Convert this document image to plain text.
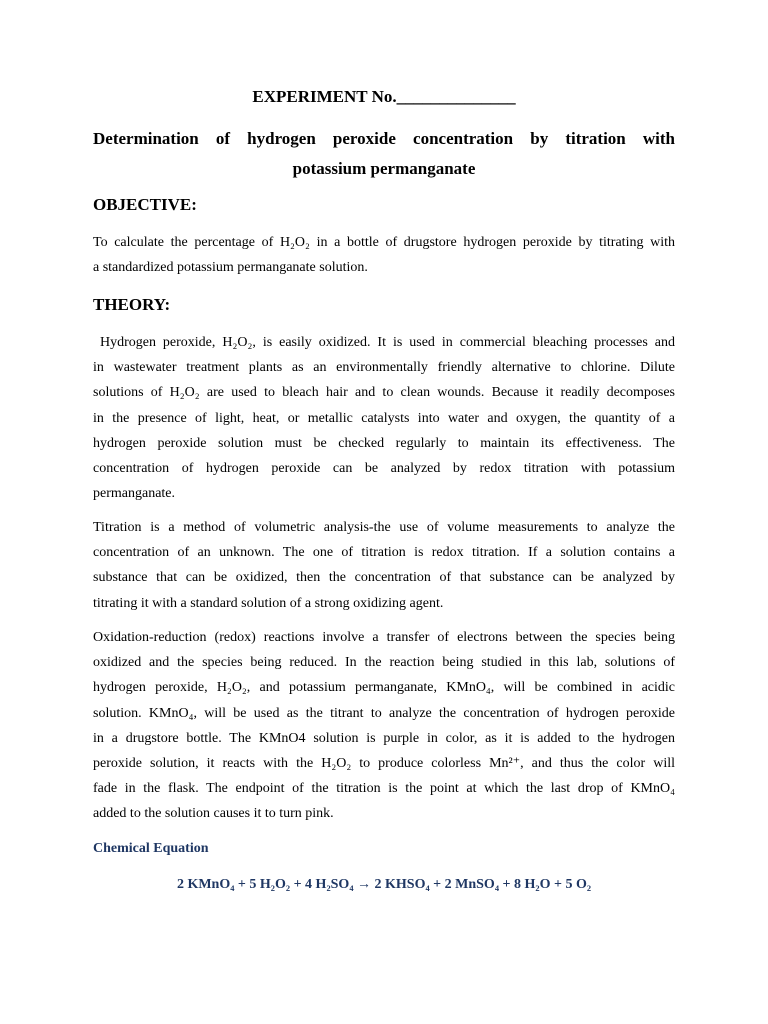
EXPERIMENT No.______________
Determination of hydrogen peroxide concentration by titration with
potassium permanganate
OBJECTIVE:
To calculate the percentage of H₂O₂ in a bottle of drugstore hydrogen peroxide by titrating with
a standardized potassium permanganate solution.
THEORY:
Hydrogen peroxide, H₂O₂, is easily oxidized. It is used in commercial bleaching processes and
in wastewater treatment plants as an environmentally friendly alternative to chlorine. Dilute
solutions of H₂O₂ are used to bleach hair and to clean wounds. Because it readily decomposes
in the presence of light, heat, or metallic catalysts into water and oxygen, the quantity of a
hydrogen peroxide solution must be checked regularly to maintain its effectiveness. The
concentration of hydrogen peroxide can be analyzed by redox titration with potassium
permanganate.
Titration is a method of volumetric analysis-the use of volume measurements to analyze the
concentration of an unknown. The one of titration is redox titration. If a solution contains a
substance that can be oxidized, then the concentration of that substance can be analyzed by
titrating it with a standard solution of a strong oxidizing agent.
Oxidation-reduction (redox) reactions involve a transfer of electrons between the species being
oxidized and the species being reduced. In the reaction being studied in this lab, solutions of
hydrogen peroxide, H₂O₂, and potassium permanganate, KMnO₄, will be combined in acidic
solution. KMnO₄, will be used as the titrant to analyze the concentration of hydrogen peroxide
in a drugstore bottle. The KMnO4 solution is purple in color, as it is added to the hydrogen
peroxide solution, it reacts with the H₂O₂ to produce colorless Mn²⁺, and thus the color will
fade in the flask. The endpoint of the titration is the point at which the last drop of KMnO₄
added to the solution causes it to turn pink.
Chemical Equation
2 KMnO₄ + 5 H₂O₂ + 4 H₂SO₄ → 2 KHSO₄ + 2 MnSO₄ + 8 H₂O + 5 O₂
